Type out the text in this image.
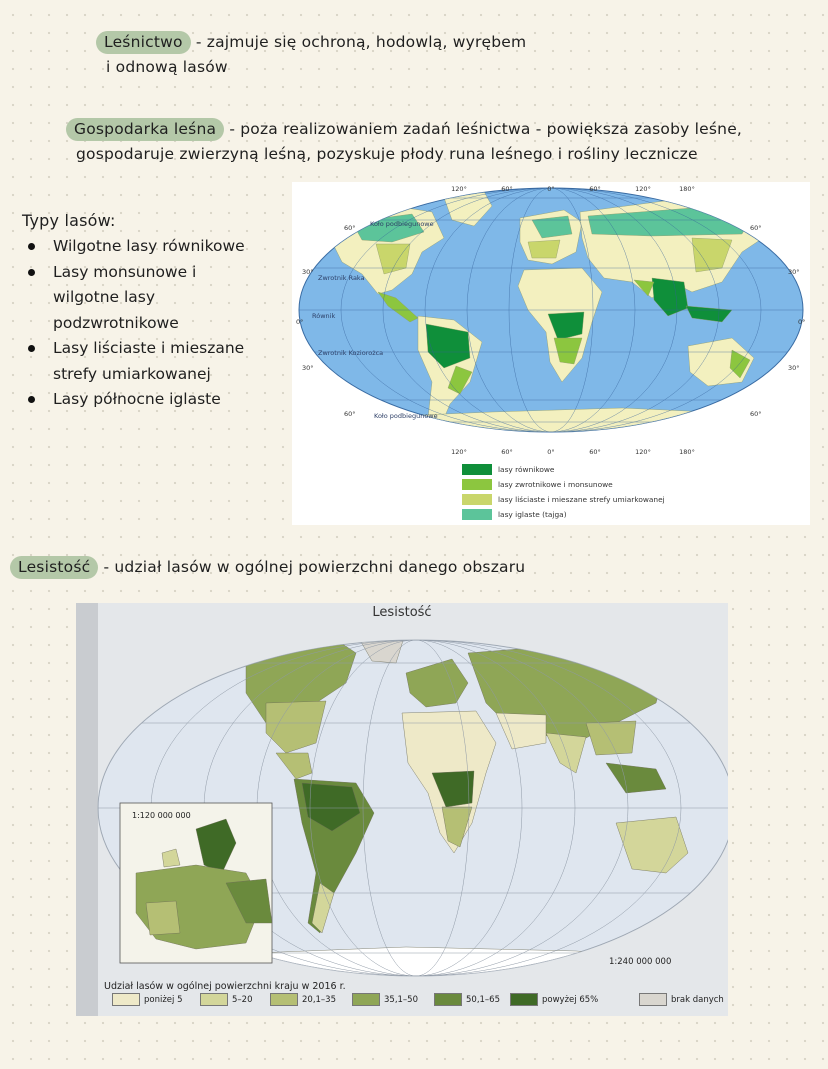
Leśnictwo - zajmuje się ochroną, hodowlą, wyrębem
i odnową lasów
Gospodarka leśna - poza realizowaniem zadań leśnictwa - powiększa zasoby leśne,
gospodaruje zwierzyną leśną, pozyskuje płody runa leśnego i rośliny lecznicze
Typy lasów:
Wilgotne lasy równikowe
Lasy monsunowe i
wilgotne lasy
podzwrotnikowe
Lasy liściaste i mieszane
strefy umiarkowanej
Lasy północne iglaste
Koło podbiegunowe
Zwrotnik Raka
Równik
Zwrotnik Koziorożca
Koło podbiegunowe
120°	60°	0°	60°	120°	180°
120°	60°	0°	60°	120°	180°
60°
30°
0°
30°
60°
60°
30°
0°
30°
60°
lasy równikowe
lasy zwrotnikowe i monsunowe
lasy liściaste i mieszane strefy umiarkowanej
lasy iglaste (tajga)
Lesistość - udział lasów w ogólnej powierzchni danego obszaru
Lesistość
1:120 000 000
1:240 000 000
Udział lasów w ogólnej powierzchni kraju w 2016 r.
poniżej 5	5–20	20,1–35	35,1–50	50,1–65	powyżej 65%	brak danych
